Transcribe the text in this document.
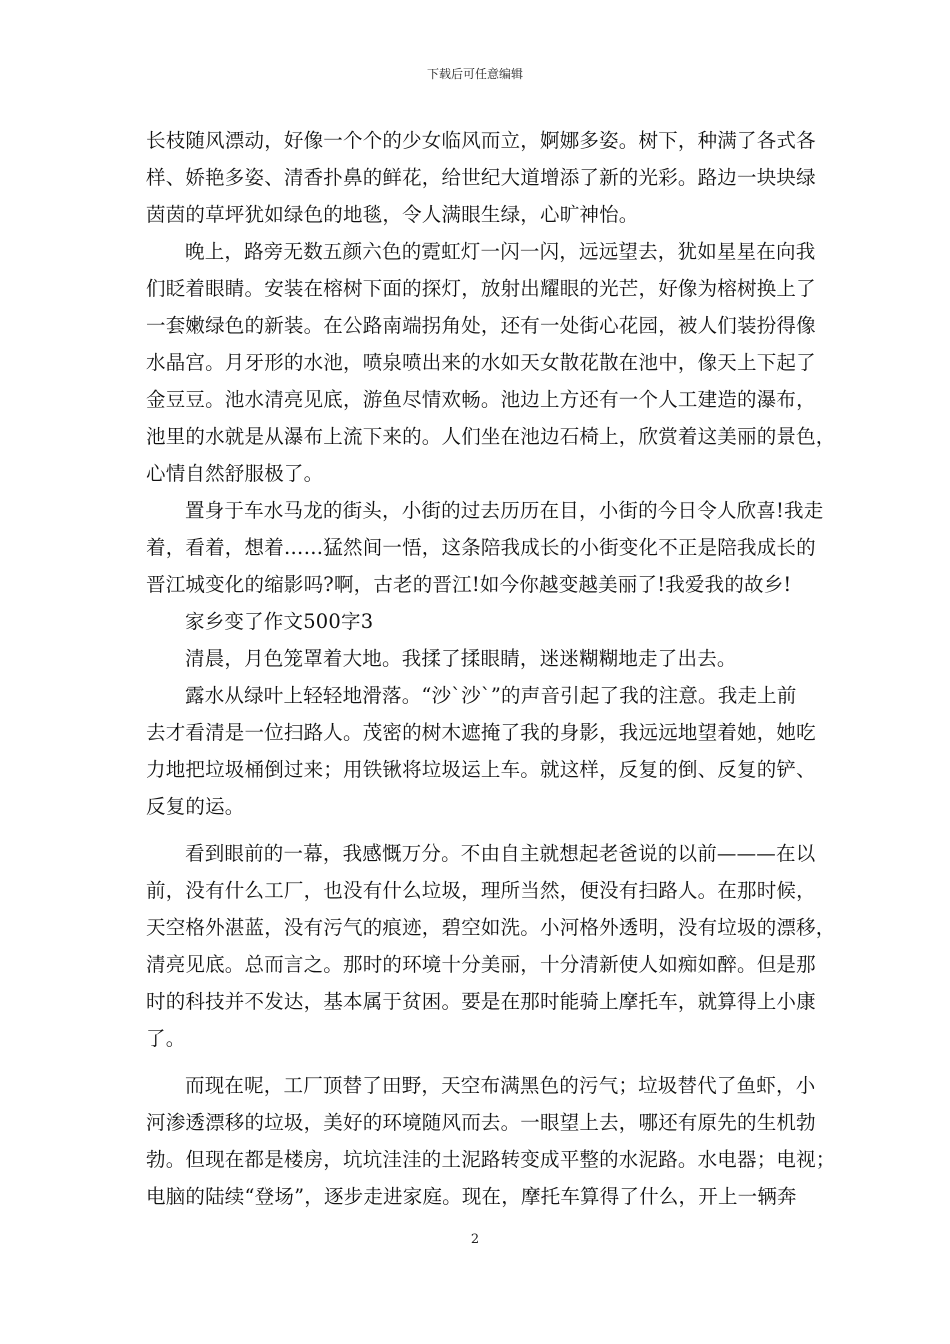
下载后可任意编辑
长枝随风漂动，好像一个个的少女临风而立，婀娜多姿。树下，种满了各式各
样、娇艳多姿、清香扑鼻的鲜花，给世纪大道增添了新的光彩。路边一块块绿
茵茵的草坪犹如绿色的地毯，令人满眼生绿，心旷神怡。
晚上，路旁无数五颜六色的霓虹灯一闪一闪，远远望去，犹如星星在向我
们眨着眼睛。安装在榕树下面的探灯，放射出耀眼的光芒，好像为榕树换上了
一套嫩绿色的新装。在公路南端拐角处，还有一处街心花园，被人们装扮得像
水晶宫。月牙形的水池，喷泉喷出来的水如天女散花散在池中，像天上下起了
金豆豆。池水清亮见底，游鱼尽情欢畅。池边上方还有一个人工建造的瀑布，
池里的水就是从瀑布上流下来的。人们坐在池边石椅上，欣赏着这美丽的景色，
心情自然舒服极了。
置身于车水马龙的街头，小街的过去历历在目，小街的今日令人欣喜!我走
着，看着，想着……猛然间一悟，这条陪我成长的小街变化不正是陪我成长的
晋江城变化的缩影吗?啊，古老的晋江!如今你越变越美丽了!我爱我的故乡!
家乡变了作文500字3
清晨，月色笼罩着大地。我揉了揉眼睛，迷迷糊糊地走了出去。
露水从绿叶上轻轻地滑落。“沙`沙`”的声音引起了我的注意。我走上前
去才看清是一位扫路人。茂密的树木遮掩了我的身影，我远远地望着她，她吃
力地把垃圾桶倒过来；用铁锹将垃圾运上车。就这样，反复的倒、反复的铲、
反复的运。
看到眼前的一幕，我感慨万分。不由自主就想起老爸说的以前———在以
前，没有什么工厂，也没有什么垃圾，理所当然，便没有扫路人。在那时候，
天空格外湛蓝，没有污气的痕迹，碧空如洗。小河格外透明，没有垃圾的漂移，
清亮见底。总而言之。那时的环境十分美丽，十分清新使人如痴如醉。但是那
时的科技并不发达，基本属于贫困。要是在那时能骑上摩托车，就算得上小康
了。
而现在呢，工厂顶替了田野，天空布满黑色的污气；垃圾替代了鱼虾，小
河渗透漂移的垃圾，美好的环境随风而去。一眼望上去，哪还有原先的生机勃
勃。但现在都是楼房，坑坑洼洼的土泥路转变成平整的水泥路。水电器；电视；
电脑的陆续“登场”，逐步走进家庭。现在，摩托车算得了什么，开上一辆奔
2
